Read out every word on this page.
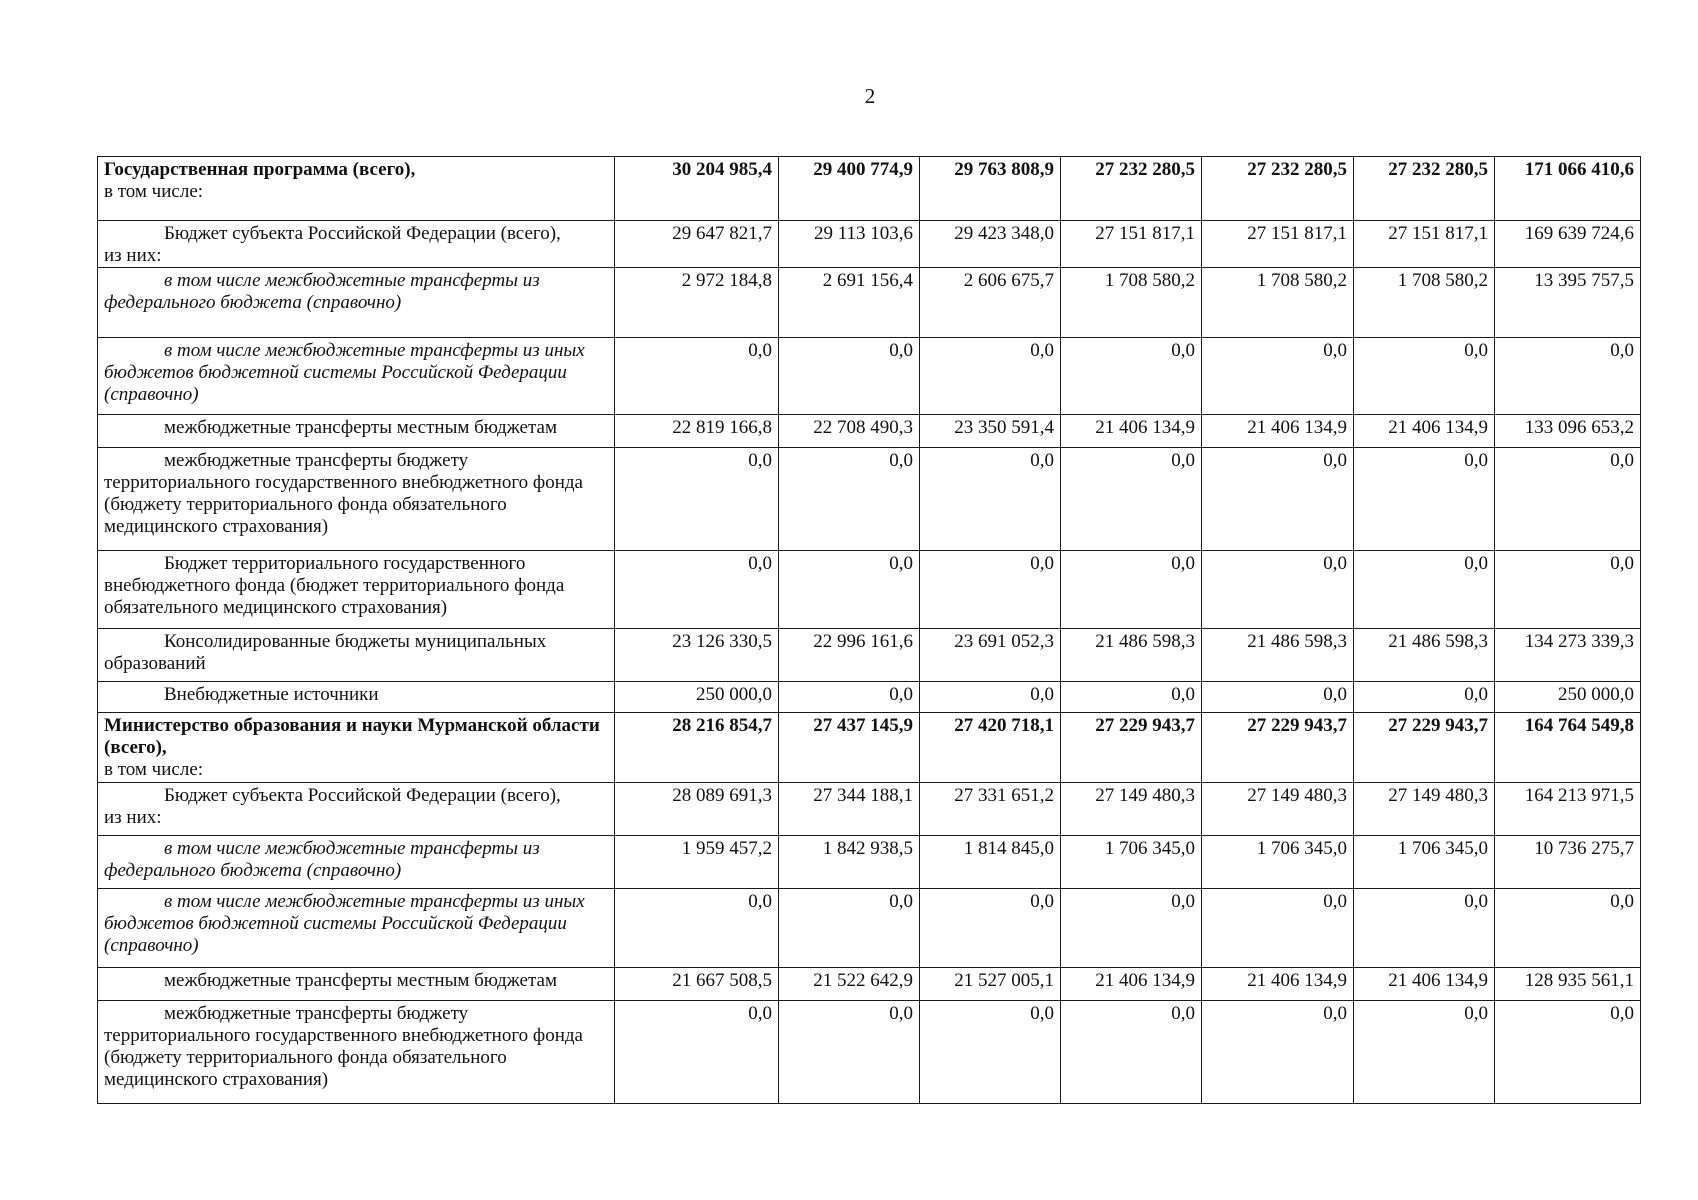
2
Государственная программа (всего),
в том числе:	30 204 985,4	29 400 774,9	29 763 808,9	27 232 280,5	27 232 280,5	27 232 280,5	171 066 410,6
Бюджет субъекта Российской Федерации (всего),
из них:	29 647 821,7	29 113 103,6	29 423 348,0	27 151 817,1	27 151 817,1	27 151 817,1	169 639 724,6
в том числе межбюджетные трансферты из федерального бюджета (справочно)	2 972 184,8	2 691 156,4	2 606 675,7	1 708 580,2	1 708 580,2	1 708 580,2	13 395 757,5
в том числе межбюджетные трансферты из иных бюджетов бюджетной системы Российской Федерации (справочно)	0,0	0,0	0,0	0,0	0,0	0,0	0,0
межбюджетные трансферты местным бюджетам	22 819 166,8	22 708 490,3	23 350 591,4	21 406 134,9	21 406 134,9	21 406 134,9	133 096 653,2
межбюджетные трансферты бюджету территориального государственного внебюджетного фонда (бюджету территориального фонда обязательного медицинского страхования)	0,0	0,0	0,0	0,0	0,0	0,0	0,0
Бюджет территориального государственного внебюджетного фонда (бюджет территориального фонда обязательного медицинского страхования)	0,0	0,0	0,0	0,0	0,0	0,0	0,0
Консолидированные бюджеты муниципальных образований	23 126 330,5	22 996 161,6	23 691 052,3	21 486 598,3	21 486 598,3	21 486 598,3	134 273 339,3
Внебюджетные источники	250 000,0	0,0	0,0	0,0	0,0	0,0	250 000,0
Министерство образования и науки Мурманской области (всего),
в том числе:	28 216 854,7	27 437 145,9	27 420 718,1	27 229 943,7	27 229 943,7	27 229 943,7	164 764 549,8
Бюджет субъекта Российской Федерации (всего),
из них:	28 089 691,3	27 344 188,1	27 331 651,2	27 149 480,3	27 149 480,3	27 149 480,3	164 213 971,5
в том числе межбюджетные трансферты из федерального бюджета (справочно)	1 959 457,2	1 842 938,5	1 814 845,0	1 706 345,0	1 706 345,0	1 706 345,0	10 736 275,7
в том числе межбюджетные трансферты из иных бюджетов бюджетной системы Российской Федерации (справочно)	0,0	0,0	0,0	0,0	0,0	0,0	0,0
межбюджетные трансферты местным бюджетам	21 667 508,5	21 522 642,9	21 527 005,1	21 406 134,9	21 406 134,9	21 406 134,9	128 935 561,1
межбюджетные трансферты бюджету территориального государственного внебюджетного фонда (бюджету территориального фонда обязательного медицинского страхования)	0,0	0,0	0,0	0,0	0,0	0,0	0,0
